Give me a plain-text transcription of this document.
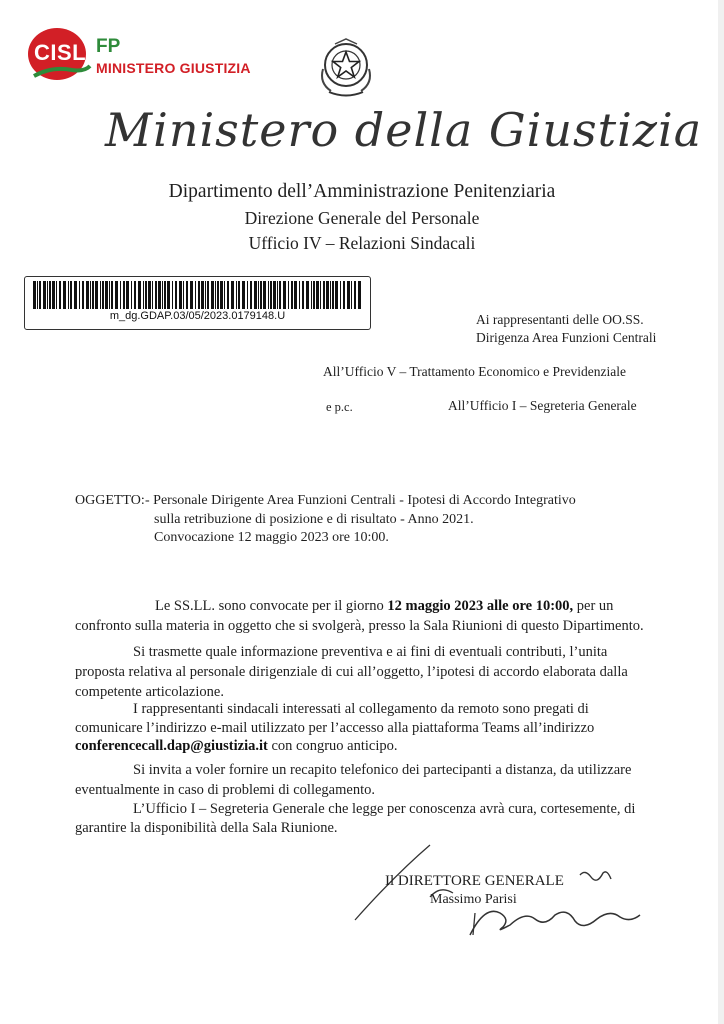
CISL FP
MINISTERO GIUSTIZIA
Ministero della Giustizia
Dipartimento dell’Amministrazione Penitenziaria
Direzione Generale del Personale
Ufficio IV – Relazioni Sindacali
m_dg.GDAP.03/05/2023.0179148.U	Ai rappresentanti delle OO.SS.
Dirigenza Area Funzioni Centrali
All’Ufficio V – Trattamento Economico e Previdenziale
e p.c.	All’Ufficio I – Segreteria Generale
OGGETTO: - Personale Dirigente Area Funzioni Centrali - Ipotesi di Accordo Integrativo
sulla retribuzione di posizione e di risultato - Anno 2021.
Convocazione 12 maggio 2023 ore 10:00.
Le SS.LL. sono convocate per il giorno 12 maggio 2023 alle ore 10:00, per un
confronto sulla materia in oggetto che si svolgerà, presso la Sala Riunioni di questo Dipartimento.
Si trasmette quale informazione preventiva e ai fini di eventuali contributi, l’unita
proposta relativa al personale dirigenziale di cui all’oggetto, l’ipotesi di accordo elaborata dalla
competente articolazione.
I rappresentanti sindacali interessati al collegamento da remoto sono pregati di
comunicare l’indirizzo e-mail utilizzato per l’accesso alla piattaforma Teams all’indirizzo
conferencecall.dap@giustizia.it con congruo anticipo.
Si invita a voler fornire un recapito telefonico dei partecipanti a distanza, da utilizzare
eventualmente in caso di problemi di collegamento.
L’Ufficio I – Segreteria Generale che legge per conoscenza avrà cura, cortesemente, di
garantire la disponibilità della Sala Riunione.
Il DIRETTORE GENERALE
Massimo Parisi
